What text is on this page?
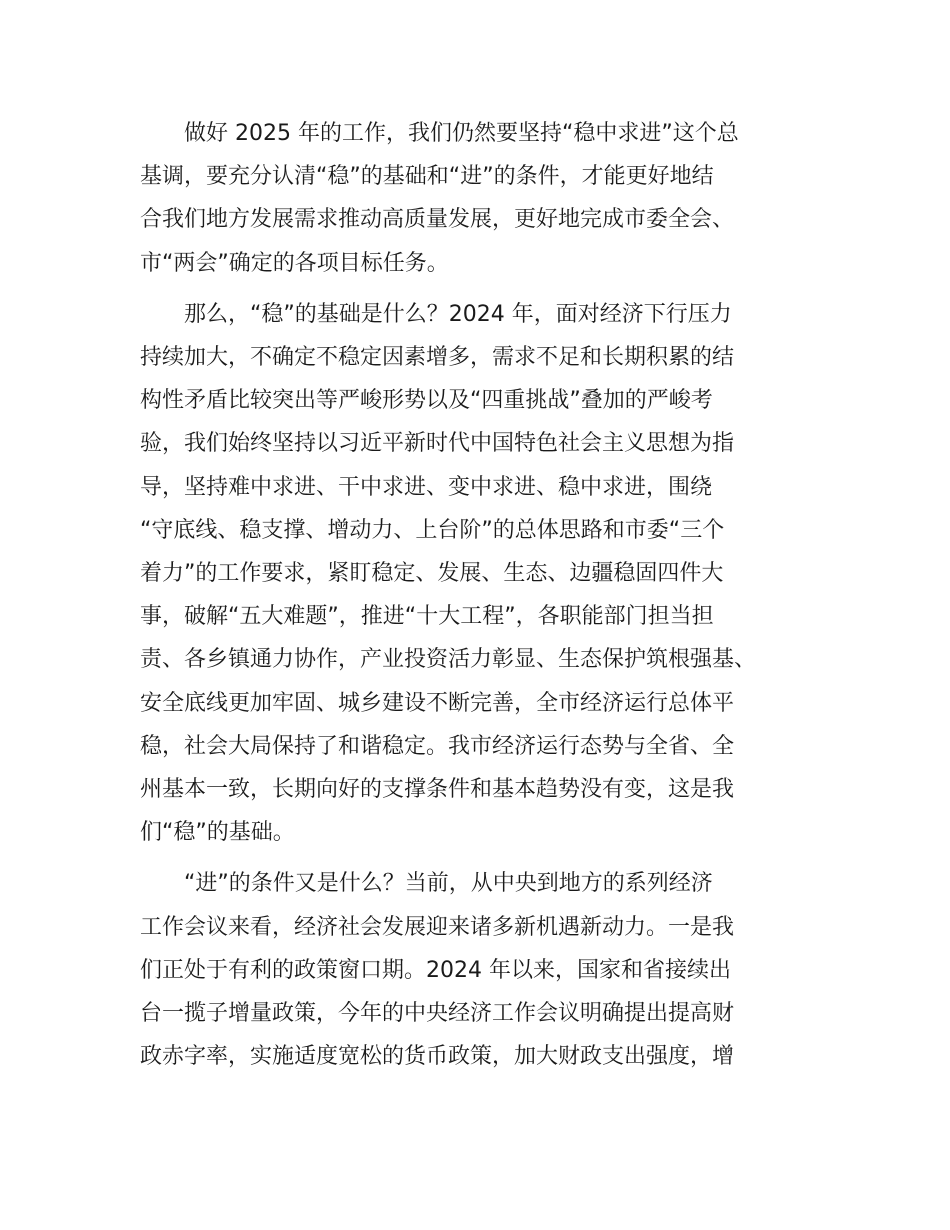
做好 2025 年的工作，我们仍然要坚持“稳中求进”这个总
基调，要充分认清“稳”的基础和“进”的条件，才能更好地结
合我们地方发展需求推动高质量发展，更好地完成市委全会、
市“两会”确定的各项目标任务。

那么，“稳”的基础是什么？2024 年，面对经济下行压力
持续加大，不确定不稳定因素增多，需求不足和长期积累的结
构性矛盾比较突出等严峻形势以及“四重挑战”叠加的严峻考
验，我们始终坚持以习近平新时代中国特色社会主义思想为指
导，坚持难中求进、干中求进、变中求进、稳中求进，围绕
“守底线、稳支撑、增动力、上台阶”的总体思路和市委“三个
着力”的工作要求，紧盯稳定、发展、生态、边疆稳固四件大
事，破解“五大难题”，推进“十大工程”，各职能部门担当担
责、各乡镇通力协作，产业投资活力彰显、生态保护筑根强基、
安全底线更加牢固、城乡建设不断完善，全市经济运行总体平
稳，社会大局保持了和谐稳定。我市经济运行态势与全省、全
州基本一致，长期向好的支撑条件和基本趋势没有变，这是我
们“稳”的基础。

“进”的条件又是什么？当前，从中央到地方的系列经济
工作会议来看，经济社会发展迎来诸多新机遇新动力。一是我
们正处于有利的政策窗口期。2024 年以来，国家和省接续出
台一揽子增量政策，今年的中央经济工作会议明确提出提高财
政赤字率，实施适度宽松的货币政策，加大财政支出强度，增
